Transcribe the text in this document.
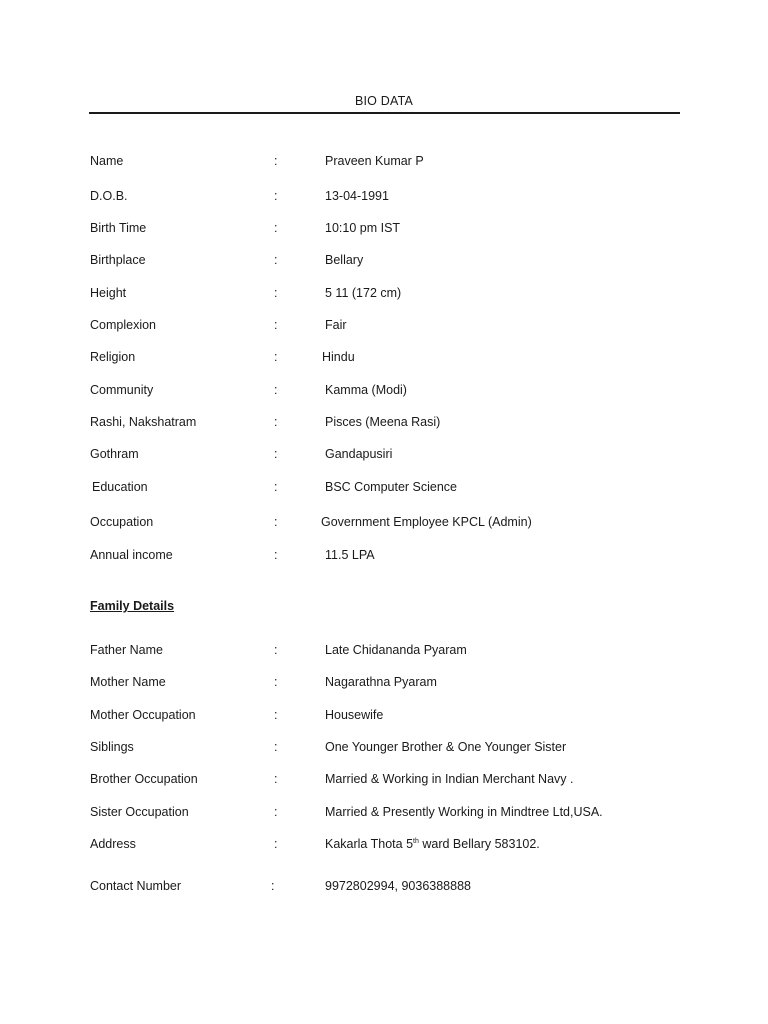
BIO DATA
Name	:	Praveen Kumar P
D.O.B.	:	13-04-1991
Birth Time	:	10:10 pm IST
Birthplace	:	Bellary
Height	:	5 11 (172 cm)
Complexion	:	Fair
Religion	:	Hindu
Community	:	Kamma (Modi)
Rashi, Nakshatram	:	Pisces (Meena Rasi)
Gothram	:	Gandapusiri
Education	:	BSC Computer Science
Occupation	:	Government Employee KPCL (Admin)
Annual income	:	11.5 LPA
Family Details
Father Name	:	Late Chidananda Pyaram
Mother Name	:	Nagarathna Pyaram
Mother Occupation	:	Housewife
Siblings	:	One Younger Brother & One Younger Sister
Brother Occupation	:	Married & Working in Indian Merchant Navy .
Sister Occupation	:	Married & Presently Working in Mindtree Ltd,USA.
Address	:	Kakarla Thota 5th ward Bellary 583102.
Contact Number	:	9972802994, 9036388888
